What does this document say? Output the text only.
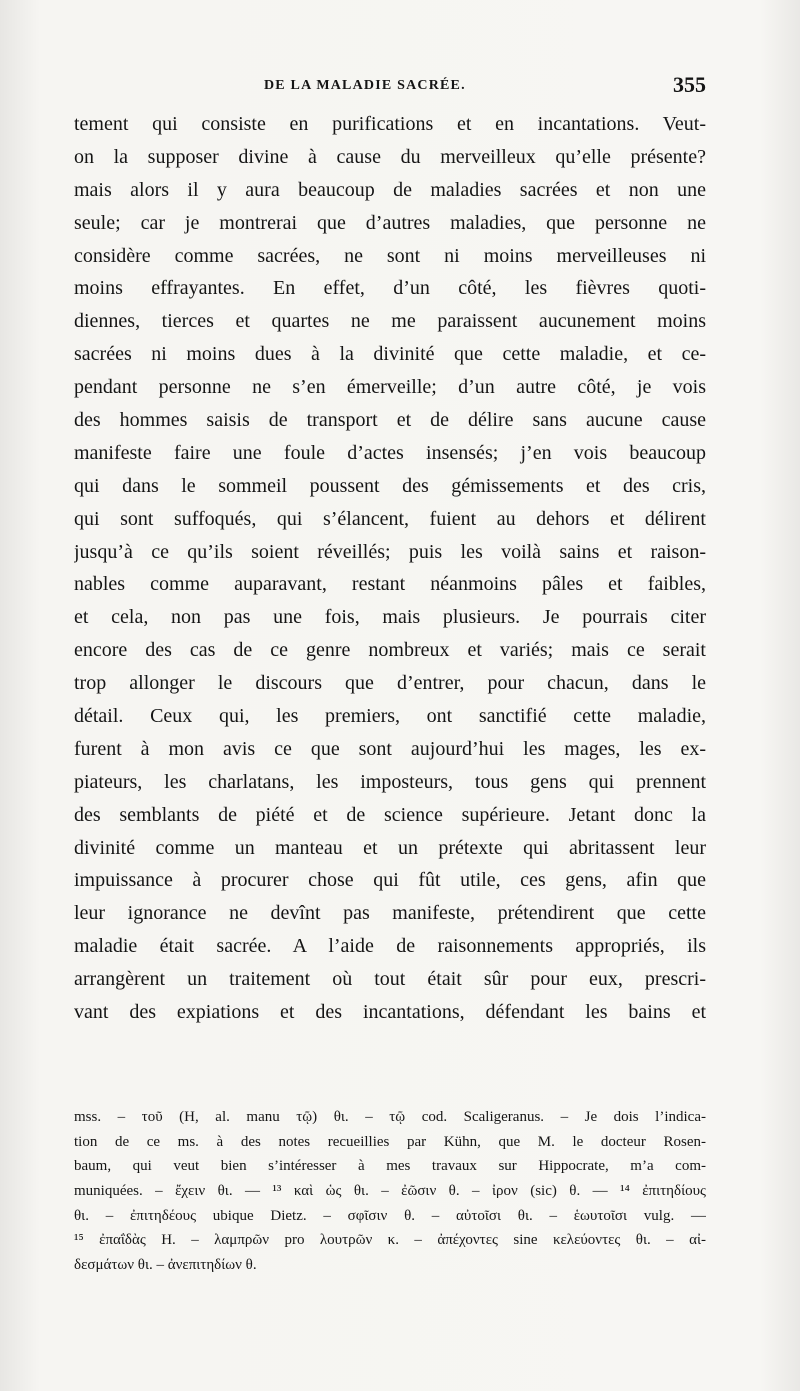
DE LA MALADIE SACRÉE.	355
tement qui consiste en purifications et en incantations. Veut-
on la supposer divine à cause du merveilleux qu’elle présente?
mais alors il y aura beaucoup de maladies sacrées et non une
seule; car je montrerai que d’autres maladies, que personne ne
considère comme sacrées, ne sont ni moins merveilleuses ni
moins effrayantes. En effet, d’un côté, les fièvres quoti-
diennes, tierces et quartes ne me paraissent aucunement moins
sacrées ni moins dues à la divinité que cette maladie, et ce-
pendant personne ne s’en émerveille; d’un autre côté, je vois
des hommes saisis de transport et de délire sans aucune cause
manifeste faire une foule d’actes insensés; j’en vois beaucoup
qui dans le sommeil poussent des gémissements et des cris,
qui sont suffoqués, qui s’élancent, fuient au dehors et délirent
jusqu’à ce qu’ils soient réveillés; puis les voilà sains et raison-
nables comme auparavant, restant néanmoins pâles et faibles,
et cela, non pas une fois, mais plusieurs. Je pourrais citer
encore des cas de ce genre nombreux et variés; mais ce serait
trop allonger le discours que d’entrer, pour chacun, dans le
détail. Ceux qui, les premiers, ont sanctifié cette maladie,
furent à mon avis ce que sont aujourd’hui les mages, les ex-
piateurs, les charlatans, les imposteurs, tous gens qui prennent
des semblants de piété et de science supérieure. Jetant donc la
divinité comme un manteau et un prétexte qui abritassent leur
impuissance à procurer chose qui fût utile, ces gens, afin que
leur ignorance ne devînt pas manifeste, prétendirent que cette
maladie était sacrée. A l’aide de raisonnements appropriés, ils
arrangèrent un traitement où tout était sûr pour eux, prescri-
vant des expiations et des incantations, défendant les bains et
mss. – τοῦ (H, al. manu τῷ) θι. – τῷ cod. Scaligeranus. – Je dois l’indica-
tion de ce ms. à des notes recueillies par Kühn, que M. le docteur Rosen-
baum, qui veut bien s’intéresser à mes travaux sur Hippocrate, m’a com-
muniquées. – ἔχειν θι. — ¹³ καὶ ὡς θι. – ἐῶσιν θ. – ἰρον (sic) θ. — ¹⁴ ἐπιτηδίους
θι. – ἐπιτηδέους ubique Dietz. – σφῖσιν θ. – αὐτοῖσι θι. – ἑωυτοῖσι vulg. —
¹⁵ ἐπαΐδὰς H. – λαμπρῶν pro λουτρῶν κ. – ἀπέχοντες sine κελεύοντες θι. – αἰ-
δεσμάτων θι. – ἀνεπιτηδίων θ.
